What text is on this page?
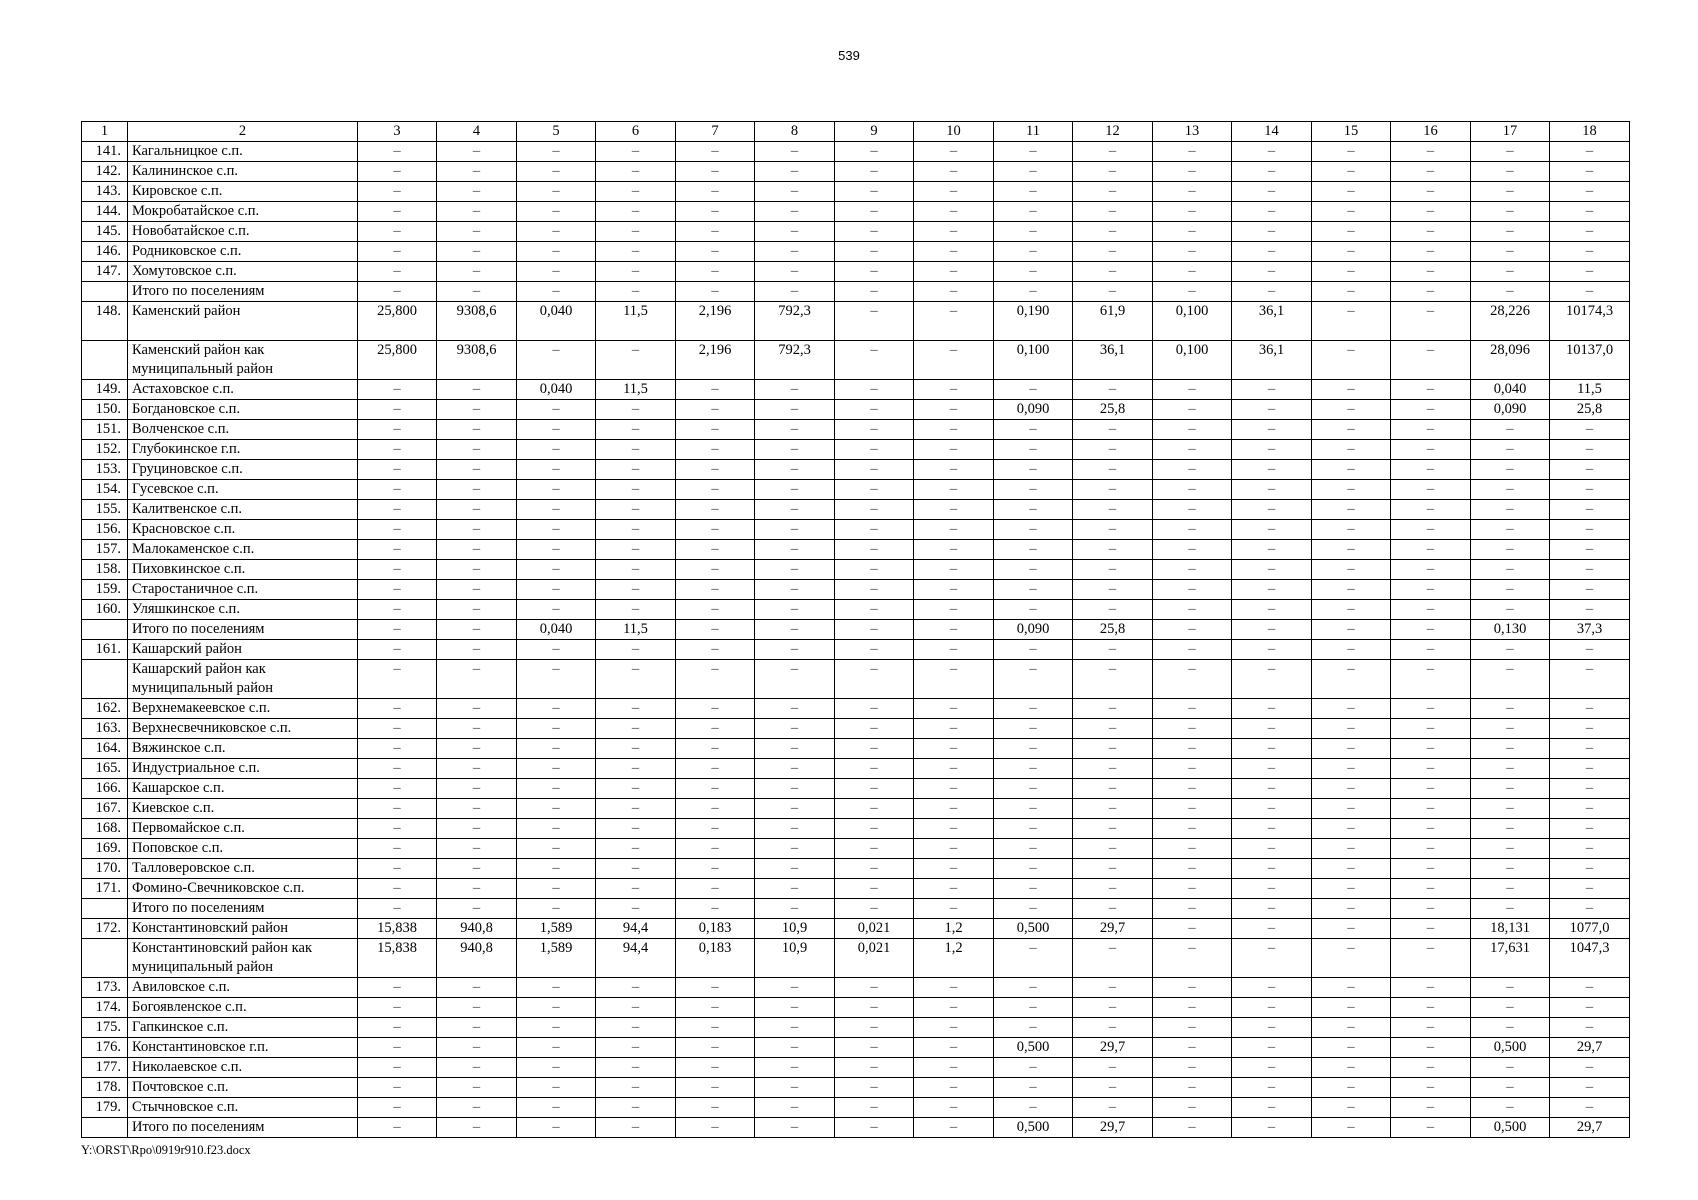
539
1	2	3	4	5	6	7	8	9	10	11	12	13	14	15	16	17	18
141.	Кагальницкое с.п.	–	–	–	–	–	–	–	–	–	–	–	–	–	–	–	–
142.	Калининское с.п.	–	–	–	–	–	–	–	–	–	–	–	–	–	–	–	–
143.	Кировское с.п.	–	–	–	–	–	–	–	–	–	–	–	–	–	–	–	–
144.	Мокробатайское с.п.	–	–	–	–	–	–	–	–	–	–	–	–	–	–	–	–
145.	Новобатайское с.п.	–	–	–	–	–	–	–	–	–	–	–	–	–	–	–	–
146.	Родниковское с.п.	–	–	–	–	–	–	–	–	–	–	–	–	–	–	–	–
147.	Хомутовское с.п.	–	–	–	–	–	–	–	–	–	–	–	–	–	–	–	–
	Итого по поселениям	–	–	–	–	–	–	–	–	–	–	–	–	–	–	–	–
148.	Каменский район	25,800	9308,6	0,040	11,5	2,196	792,3	–	–	0,190	61,9	0,100	36,1	–	–	28,226	10174,3
	Каменский район как муниципальный район	25,800	9308,6	–	–	2,196	792,3	–	–	0,100	36,1	0,100	36,1	–	–	28,096	10137,0
149.	Астаховское с.п.	–	–	0,040	11,5	–	–	–	–	–	–	–	–	–	–	0,040	11,5
150.	Богдановское с.п.	–	–	–	–	–	–	–	–	0,090	25,8	–	–	–	–	0,090	25,8
151.	Волченское с.п.	–	–	–	–	–	–	–	–	–	–	–	–	–	–	–	–
152.	Глубокинское г.п.	–	–	–	–	–	–	–	–	–	–	–	–	–	–	–	–
153.	Груциновское с.п.	–	–	–	–	–	–	–	–	–	–	–	–	–	–	–	–
154.	Гусевское с.п.	–	–	–	–	–	–	–	–	–	–	–	–	–	–	–	–
155.	Калитвенское с.п.	–	–	–	–	–	–	–	–	–	–	–	–	–	–	–	–
156.	Красновское с.п.	–	–	–	–	–	–	–	–	–	–	–	–	–	–	–	–
157.	Малокаменское с.п.	–	–	–	–	–	–	–	–	–	–	–	–	–	–	–	–
158.	Пиховкинское с.п.	–	–	–	–	–	–	–	–	–	–	–	–	–	–	–	–
159.	Старостаничное с.п.	–	–	–	–	–	–	–	–	–	–	–	–	–	–	–	–
160.	Уляшкинское с.п.	–	–	–	–	–	–	–	–	–	–	–	–	–	–	–	–
	Итого по поселениям	–	–	0,040	11,5	–	–	–	–	0,090	25,8	–	–	–	–	0,130	37,3
161.	Кашарский район	–	–	–	–	–	–	–	–	–	–	–	–	–	–	–	–
	Кашарский район как муниципальный район	–	–	–	–	–	–	–	–	–	–	–	–	–	–	–	–
162.	Верхнемакеевское с.п.	–	–	–	–	–	–	–	–	–	–	–	–	–	–	–	–
163.	Верхнесвечниковское с.п.	–	–	–	–	–	–	–	–	–	–	–	–	–	–	–	–
164.	Вяжинское с.п.	–	–	–	–	–	–	–	–	–	–	–	–	–	–	–	–
165.	Индустриальное с.п.	–	–	–	–	–	–	–	–	–	–	–	–	–	–	–	–
166.	Кашарское с.п.	–	–	–	–	–	–	–	–	–	–	–	–	–	–	–	–
167.	Киевское с.п.	–	–	–	–	–	–	–	–	–	–	–	–	–	–	–	–
168.	Первомайское с.п.	–	–	–	–	–	–	–	–	–	–	–	–	–	–	–	–
169.	Поповское с.п.	–	–	–	–	–	–	–	–	–	–	–	–	–	–	–	–
170.	Талловеровское с.п.	–	–	–	–	–	–	–	–	–	–	–	–	–	–	–	–
171.	Фомино-Свечниковское с.п.	–	–	–	–	–	–	–	–	–	–	–	–	–	–	–	–
	Итого по поселениям	–	–	–	–	–	–	–	–	–	–	–	–	–	–	–	–
172.	Константиновский район	15,838	940,8	1,589	94,4	0,183	10,9	0,021	1,2	0,500	29,7	–	–	–	–	18,131	1077,0
	Константиновский район как муниципальный район	15,838	940,8	1,589	94,4	0,183	10,9	0,021	1,2	–	–	–	–	–	–	17,631	1047,3
173.	Авиловское с.п.	–	–	–	–	–	–	–	–	–	–	–	–	–	–	–	–
174.	Богоявленское с.п.	–	–	–	–	–	–	–	–	–	–	–	–	–	–	–	–
175.	Гапкинское с.п.	–	–	–	–	–	–	–	–	–	–	–	–	–	–	–	–
176.	Константиновское г.п.	–	–	–	–	–	–	–	–	0,500	29,7	–	–	–	–	0,500	29,7
177.	Николаевское с.п.	–	–	–	–	–	–	–	–	–	–	–	–	–	–	–	–
178.	Почтовское с.п.	–	–	–	–	–	–	–	–	–	–	–	–	–	–	–	–
179.	Стычновское с.п.	–	–	–	–	–	–	–	–	–	–	–	–	–	–	–	–
	Итого по поселениям	–	–	–	–	–	–	–	–	0,500	29,7	–	–	–	–	0,500	29,7
Y:\ORST\Rpo\0919r910.f23.docx
